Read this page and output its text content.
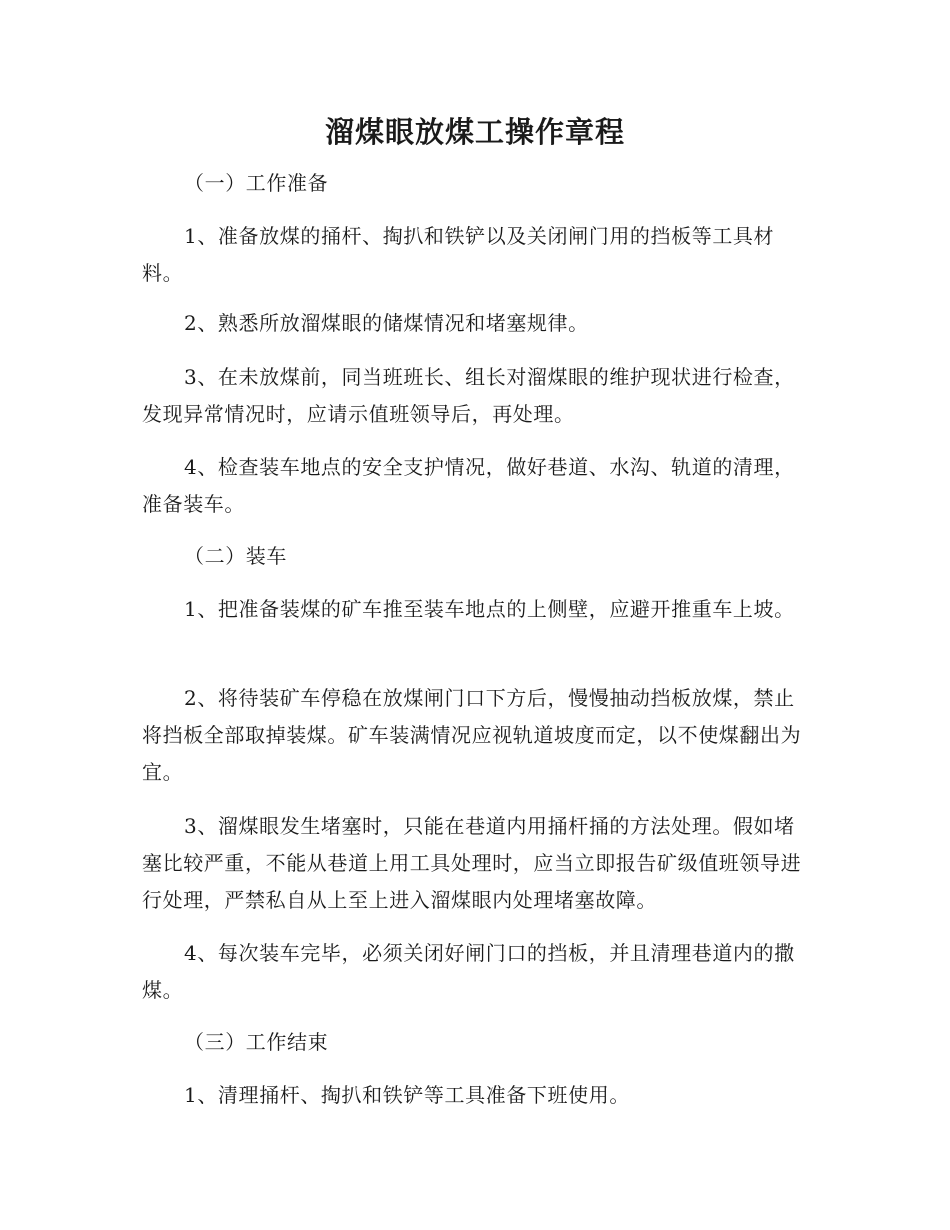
溜煤眼放煤工操作章程
（一）工作准备
1、准备放煤的捅杆、掏扒和铁铲以及关闭闸门用的挡板等工具材料。
2、熟悉所放溜煤眼的储煤情况和堵塞规律。
3、在未放煤前，同当班班长、组长对溜煤眼的维护现状进行检查，发现异常情况时，应请示值班领导后，再处理。
4、检查装车地点的安全支护情况，做好巷道、水沟、轨道的清理，准备装车。
（二）装车
1、把准备装煤的矿车推至装车地点的上侧壁，应避开推重车上坡。
2、将待装矿车停稳在放煤闸门口下方后，慢慢抽动挡板放煤，禁止将挡板全部取掉装煤。矿车装满情况应视轨道坡度而定，以不使煤翻出为宜。
3、溜煤眼发生堵塞时，只能在巷道内用捅杆捅的方法处理。假如堵塞比较严重，不能从巷道上用工具处理时，应当立即报告矿级值班领导进行处理，严禁私自从上至上进入溜煤眼内处理堵塞故障。
4、每次装车完毕，必须关闭好闸门口的挡板，并且清理巷道内的撒煤。
（三）工作结束
1、清理捅杆、掏扒和铁铲等工具准备下班使用。
